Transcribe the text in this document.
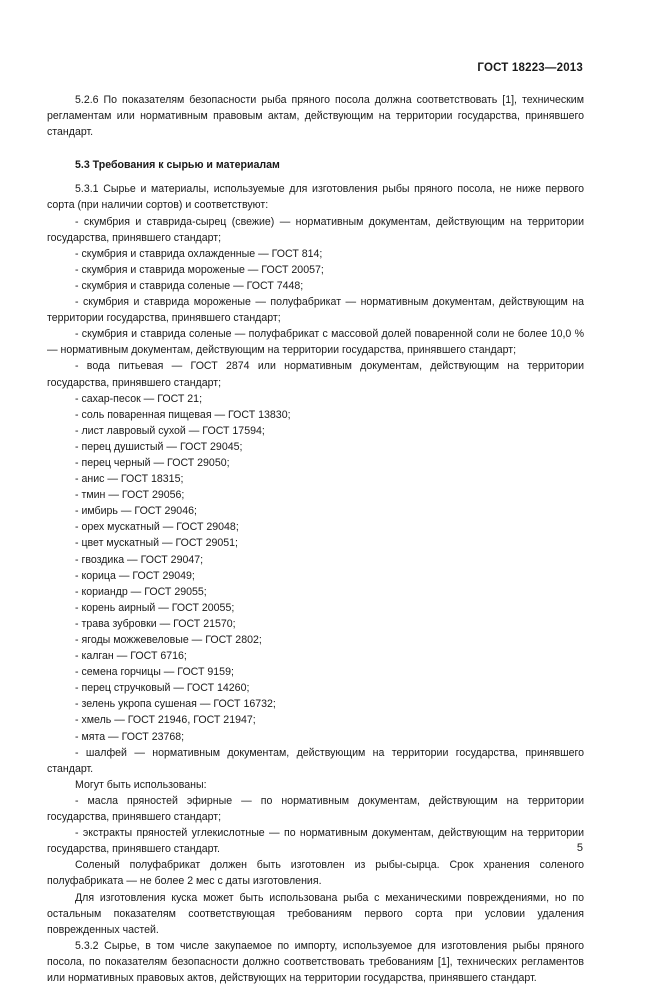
ГОСТ 18223—2013

5.2.6 По показателям безопасности рыба пряного посола должна соответствовать [1], техническим регламентам или нормативным правовым актам, действующим на территории государства, принявшего стандарт.

5.3 Требования к сырью и материалам

5.3.1 Сырье и материалы, используемые для изготовления рыбы пряного посола, не ниже первого сорта (при наличии сортов) и соответствуют:

- скумбрия и ставрида-сырец (свежие) — нормативным документам, действующим на территории государства, принявшего стандарт;

- скумбрия и ставрида охлажденные — ГОСТ 814;

- скумбрия и ставрида мороженые — ГОСТ 20057;

- скумбрия и ставрида соленые — ГОСТ 7448;

- скумбрия и ставрида мороженые — полуфабрикат — нормативным документам, действующим на территории государства, принявшего стандарт;

- скумбрия и ставрида соленые — полуфабрикат с массовой долей поваренной соли не более 10,0 % — нормативным документам, действующим на территории государства, принявшего стандарт;

- вода питьевая — ГОСТ 2874 или нормативным документам, действующим на территории государства, принявшего стандарт;

- сахар-песок — ГОСТ 21;

- соль поваренная пищевая — ГОСТ 13830;

- лист лавровый сухой — ГОСТ 17594;

- перец душистый — ГОСТ 29045;

- перец черный — ГОСТ 29050;

- анис — ГОСТ 18315;

- тмин — ГОСТ 29056;

- имбирь — ГОСТ 29046;

- орех мускатный — ГОСТ 29048;

- цвет мускатный — ГОСТ 29051;

- гвоздика — ГОСТ 29047;

- корица — ГОСТ 29049;

- кориандр — ГОСТ 29055;

- корень аирный — ГОСТ 20055;

- трава зубровки — ГОСТ 21570;

- ягоды можжевеловые — ГОСТ 2802;

- калган — ГОСТ 6716;

- семена горчицы — ГОСТ 9159;

- перец стручковый — ГОСТ 14260;

- зелень укропа сушеная — ГОСТ 16732;

- хмель — ГОСТ 21946, ГОСТ 21947;

- мята — ГОСТ 23768;

- шалфей — нормативным документам, действующим на территории государства, принявшего стандарт.

Могут быть использованы:

- масла пряностей эфирные — по нормативным документам, действующим на территории государства, принявшего стандарт;

- экстракты пряностей углекислотные — по нормативным документам, действующим на территории государства, принявшего стандарт.

Соленый полуфабрикат должен быть изготовлен из рыбы-сырца. Срок хранения соленого полуфабриката — не более 2 мес с даты изготовления.

Для изготовления куска может быть использована рыба с механическими повреждениями, но по остальным показателям соответствующая требованиям первого сорта при условии удаления поврежденных частей.

5.3.2 Сырье, в том числе закупаемое по импорту, используемое для изготовления рыбы пряного посола, по показателям безопасности должно соответствовать требованиям [1], технических регламентов или нормативных правовых актов, действующих на территории государства, принявшего стандарт.

5
